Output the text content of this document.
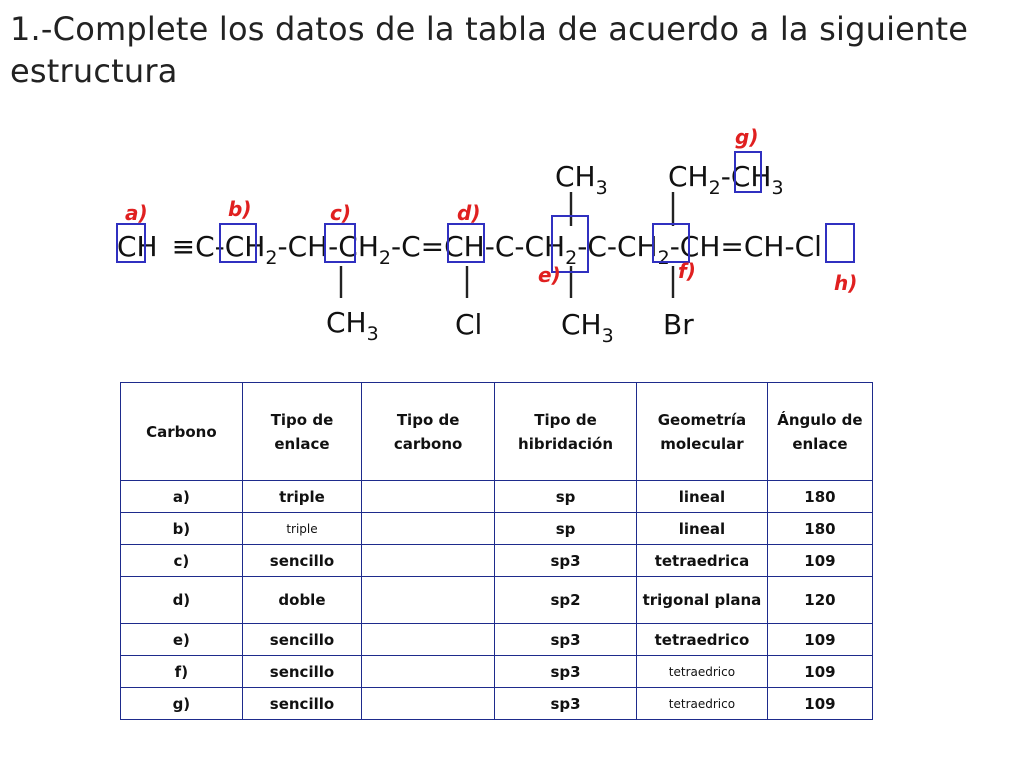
1.-Complete los datos de la tabla de acuerdo a la siguiente estructura
$CH_3$ $CH_2-CH_3$
CH $\equiv C-CH_2-CH-CH_2-C=CH-C-CH_2-C-CH_2-CH=CH-Cl$
$CH_3$	Cl	$CH_3$ Br
a)	b)	c)	d)
e)	f)
g)
h)
Carbono	Tipo de enlace	Tipo de carbono	Tipo de hibridación	Geometría molecular	Ángulo de enlace
a)	triple		sp	lineal	180
b)	triple		sp	lineal	180
c)	sencillo		sp3	tetraedrica	109
d)	doble		sp2	trigonal plana	120
e)	sencillo		sp3	tetraedrico	109
f)	sencillo		sp3	tetraedrico	109
g)	sencillo		sp3	tetraedrico	109
